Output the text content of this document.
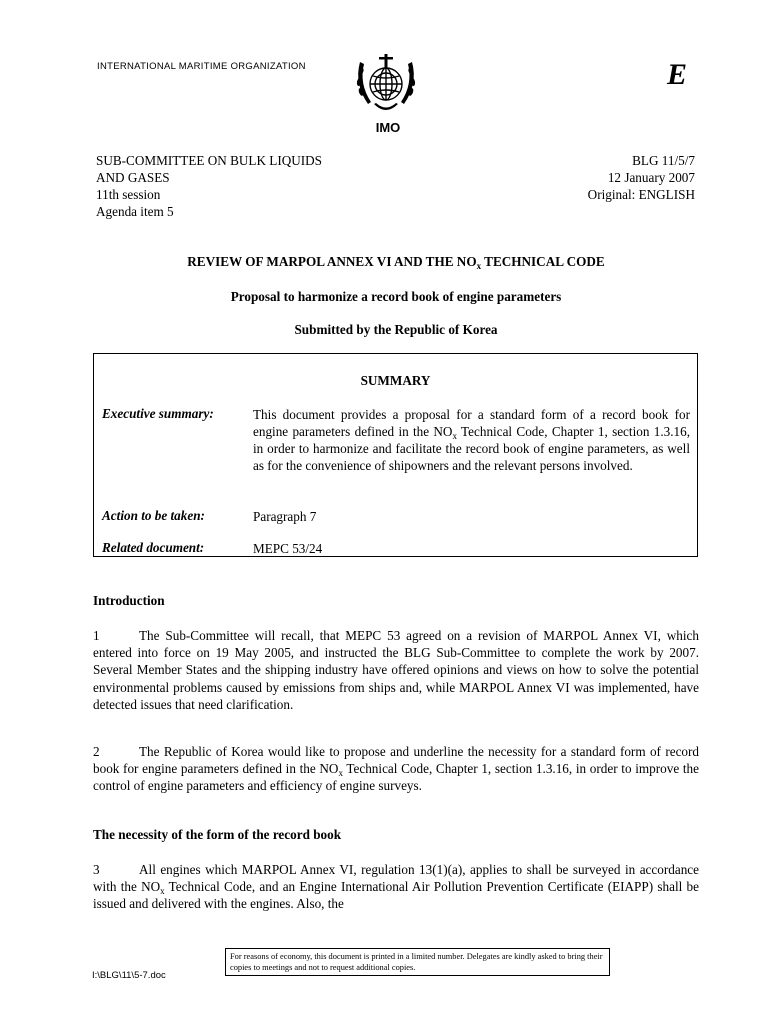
INTERNATIONAL MARITIME ORGANIZATION
IMO
E
SUB-COMMITTEE ON BULK LIQUIDS
AND GASES
11th session
Agenda item 5
BLG 11/5/7
12 January 2007
Original: ENGLISH
REVIEW OF MARPOL ANNEX VI AND THE $NO_x$ TECHNICAL CODE
Proposal to harmonize a record book of engine parameters
Submitted by the Republic of Korea
SUMMARY
Executive summary:	This document provides a proposal for a standard form of a record book for engine parameters defined in the $NO_x$ Technical Code, Chapter 1, section 1.3.16, in order to harmonize and facilitate the record book of engine parameters, as well as for the convenience of shipowners and the relevant persons involved.
Action to be taken:	Paragraph 7
Related document:	MEPC 53/24
Introduction
1	The Sub-Committee will recall, that MEPC 53 agreed on a revision of MARPOL Annex VI, which entered into force on 19 May 2005, and instructed the BLG Sub-Committee to complete the work by 2007. Several Member States and the shipping industry have offered opinions and views on how to solve the potential environmental problems caused by emissions from ships and, while MARPOL Annex VI was implemented, have detected issues that need clarification.
2	The Republic of Korea would like to propose and underline the necessity for a standard form of record book for engine parameters defined in the $NO_x$ Technical Code, Chapter 1, section 1.3.16, in order to improve the control of engine parameters and efficiency of engine surveys.
The necessity of the form of the record book
3	All engines which MARPOL Annex VI, regulation 13(1)(a), applies to shall be surveyed in accordance with the $NO_x$ Technical Code, and an Engine International Air Pollution Prevention Certificate (EIAPP) shall be issued and delivered with the engines. Also, the
For reasons of economy, this document is printed in a limited number. Delegates are kindly asked to bring their copies to meetings and not to request additional copies.
I:\BLG\11\5-7.doc
